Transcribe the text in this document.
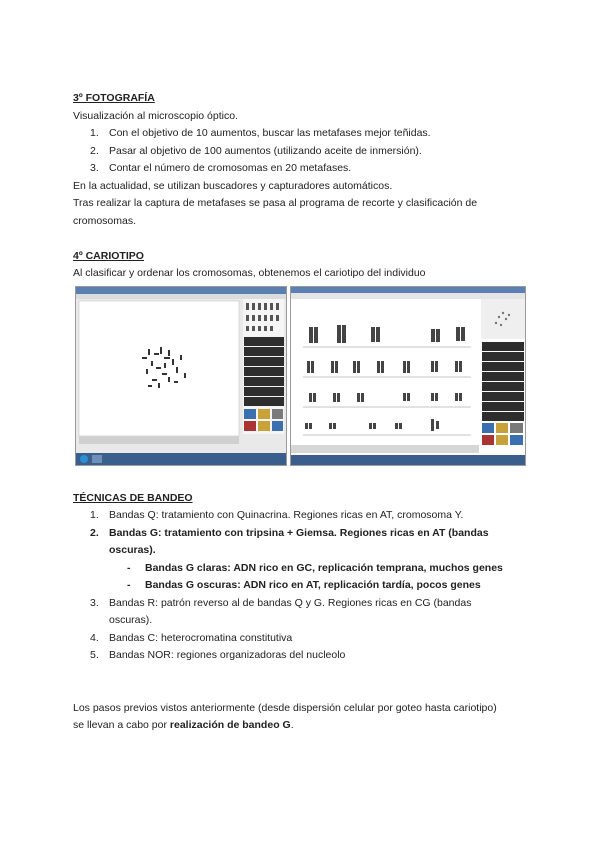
3º FOTOGRAFÍA
Visualización al microscopio óptico.
1. Con el objetivo de 10 aumentos, buscar las metafases mejor teñidas.
2. Pasar al objetivo de 100 aumentos (utilizando aceite de inmersión).
3. Contar el número de cromosomas en 20 metafases.
En la actualidad, se utilizan buscadores y capturadores automáticos.
Tras realizar la captura de metafases se pasa al programa de recorte y clasificación de
cromosomas.
4º CARIOTIPO
Al clasificar y ordenar los cromosomas, obtenemos el cariotipo del individuo
TÉCNICAS DE BANDEO
1. Bandas Q: tratamiento con Quinacrina. Regiones ricas en AT, cromosoma Y.
2. Bandas G: tratamiento con tripsina + Giemsa. Regiones ricas en AT (bandas
oscuras).
- Bandas G claras: ADN rico en GC, replicación temprana, muchos genes
- Bandas G oscuras: ADN rico en AT, replicación tardía, pocos genes
3. Bandas R: patrón reverso al de bandas Q y G. Regiones ricas en CG (bandas
oscuras).
4. Bandas C: heterocromatina constitutiva
5. Bandas NOR: regiones organizadoras del nucleolo
Los pasos previos vistos anteriormente (desde dispersión celular por goteo hasta cariotipo)
se llevan a cabo por realización de bandeo G.
